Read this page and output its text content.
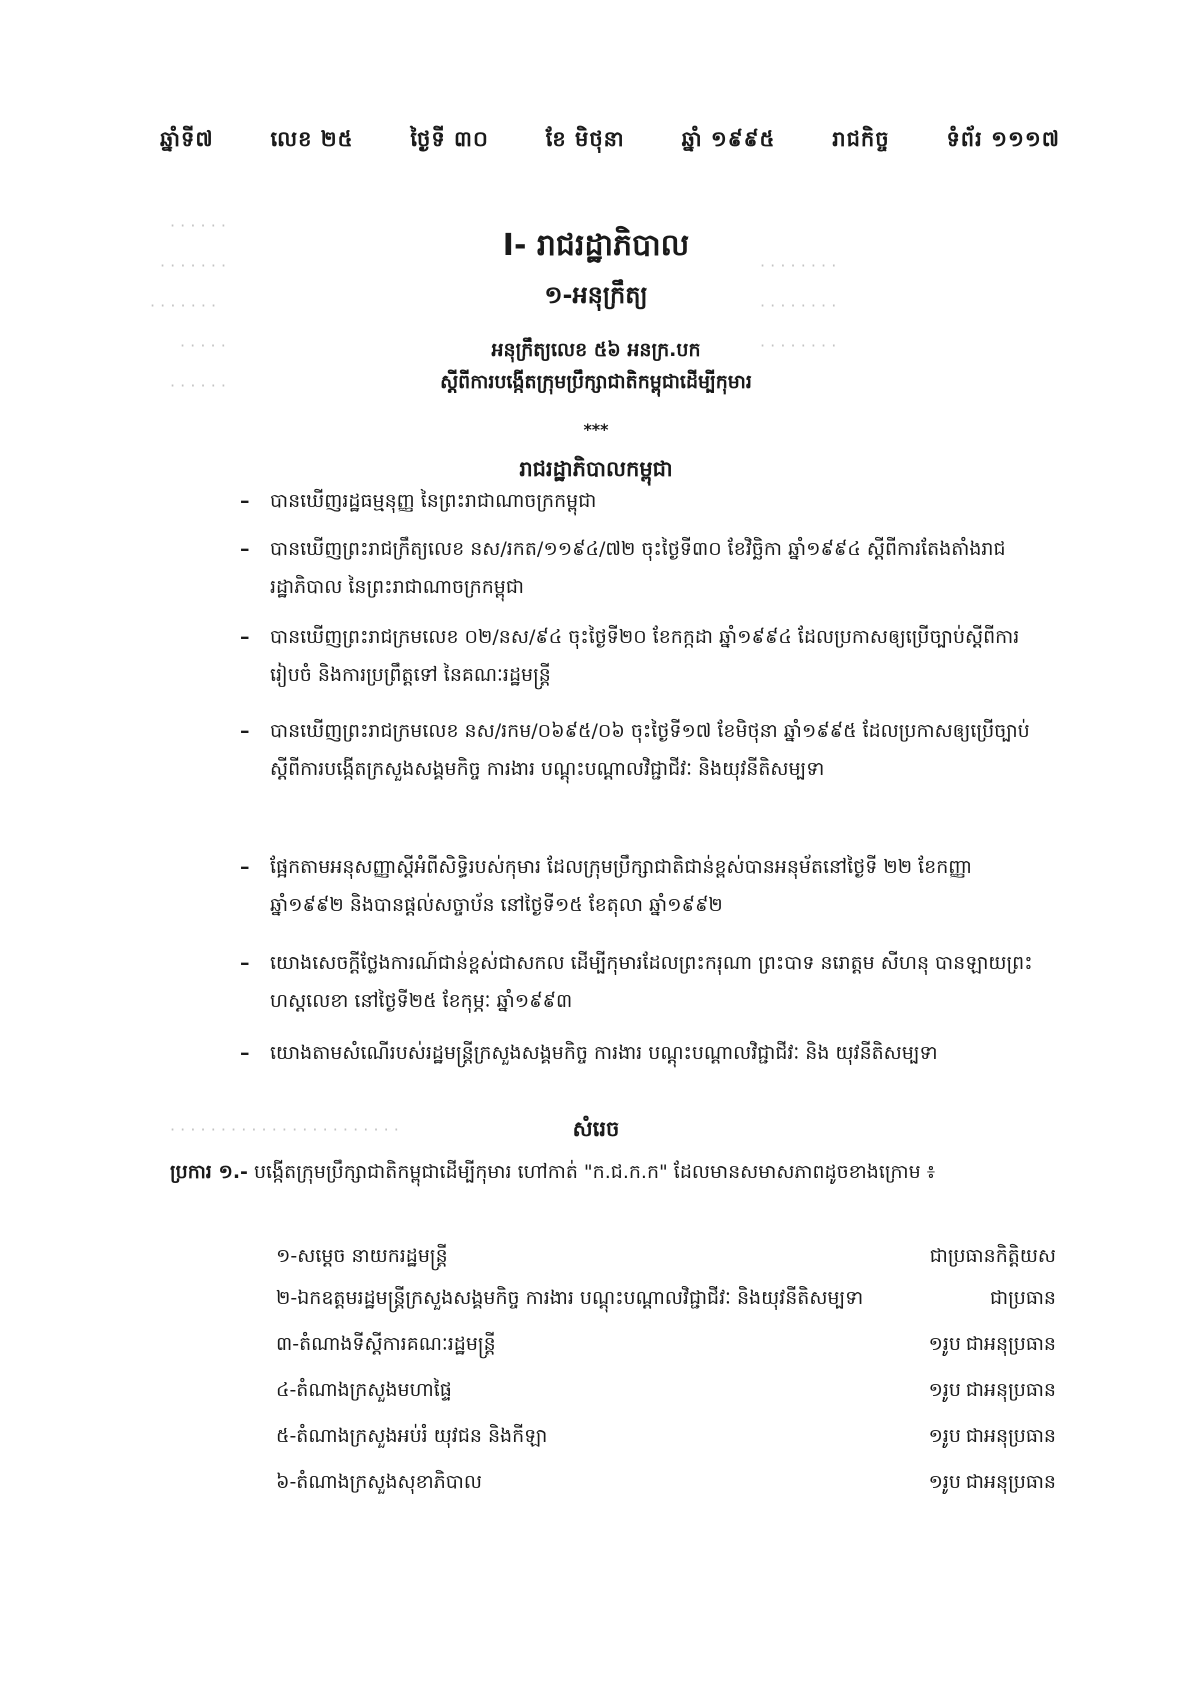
· · · · · ·
· · · · · · ·
· · · · · · ·
· · · · ·
· · · · · ·
· · · · · · · ·
· · · · · · · ·
· · · · · · · ·
· · · · · · · · · · · · · · · · · · · · · · ·
ឆ្នាំទី៧	លេខ ២៥	ថ្ងៃទី ៣០	ខែ មិថុនា	ឆ្នាំ ១៩៩៥	រាជកិច្ច	ទំព័រ ១១១៧
I- រាជរដ្ឋាភិបាល
១-អនុក្រឹត្យ
អនុក្រឹត្យលេខ ៥៦ អនក្រ.បក
ស្តីពីការបង្កើតក្រុមប្រឹក្សាជាតិកម្ពុជាដើម្បីកុមារ
***
រាជរដ្ឋាភិបាលកម្ពុជា
– បានឃើញរដ្ឋធម្មនុញ្ញ នៃព្រះរាជាណាចក្រកម្ពុជា
– បានឃើញព្រះរាជក្រឹត្យលេខ នស/រកត/១១៩៤/៧២ ចុះថ្ងៃទី៣០ ខែវិច្ឆិកា ឆ្នាំ១៩៩៤ ស្តីពីការតែងតាំងរាជរដ្ឋាភិបាល នៃព្រះរាជាណាចក្រកម្ពុជា
– បានឃើញព្រះរាជក្រមលេខ ០២/នស/៩៤ ចុះថ្ងៃទី២០ ខែកក្កដា ឆ្នាំ១៩៩៤ ដែលប្រកាសឲ្យប្រើច្បាប់ស្តីពីការរៀបចំ និងការប្រព្រឹត្តទៅ នៃគណៈរដ្ឋមន្ត្រី
– បានឃើញព្រះរាជក្រមលេខ នស/រកម/០៦៩៥/០៦ ចុះថ្ងៃទី១៧ ខែមិថុនា ឆ្នាំ១៩៩៥ ដែលប្រកាសឲ្យប្រើច្បាប់ ស្តីពីការបង្កើតក្រសួងសង្គមកិច្ច ការងារ បណ្តុះបណ្តាលវិជ្ជាជីវៈ និងយុវនីតិសម្បទា
– ផ្អែកតាមអនុសញ្ញាស្តីអំពីសិទ្ធិរបស់កុមារ ដែលក្រុមប្រឹក្សាជាតិជាន់ខ្ពស់បានអនុម័តនៅថ្ងៃទី ២២ ខែកញ្ញា ឆ្នាំ១៩៩២ និងបានផ្តល់សច្ចាប័ន នៅថ្ងៃទី១៥ ខែតុលា ឆ្នាំ១៩៩២
– យោងសេចក្តីថ្លែងការណ៍ជាន់ខ្ពស់ជាសកល ដើម្បីកុមារដែលព្រះករុណា ព្រះបាទ នរោត្តម សីហនុ បានឡាយព្រះហស្តលេខា នៅថ្ងៃទី២៥ ខែកុម្ភៈ ឆ្នាំ១៩៩៣
– យោងតាមសំណើរបស់រដ្ឋមន្ត្រីក្រសួងសង្គមកិច្ច ការងារ បណ្តុះបណ្តាលវិជ្ជាជីវៈ និង យុវនីតិសម្បទា
សំរេច
ប្រការ ១.- បង្កើតក្រុមប្រឹក្សាជាតិកម្ពុជាដើម្បីកុមារ ហៅកាត់ "ក.ជ.ក.ក" ដែលមានសមាសភាពដូចខាងក្រោម ៖
១-សម្តេច នាយករដ្ឋមន្ត្រី	ជាប្រធានកិត្តិយស
២-ឯកឧត្តមរដ្ឋមន្ត្រីក្រសួងសង្គមកិច្ច ការងារ បណ្តុះបណ្តាលវិជ្ជាជីវៈ និងយុវនីតិសម្បទា	ជាប្រធាន
៣-តំណាងទីស្តីការគណៈរដ្ឋមន្ត្រី	១រូប ជាអនុប្រធាន
៤-តំណាងក្រសួងមហាផ្ទៃ	១រូប ជាអនុប្រធាន
៥-តំណាងក្រសួងអប់រំ យុវជន និងកីឡា	១រូប ជាអនុប្រធាន
៦-តំណាងក្រសួងសុខាភិបាល	១រូប ជាអនុប្រធាន
